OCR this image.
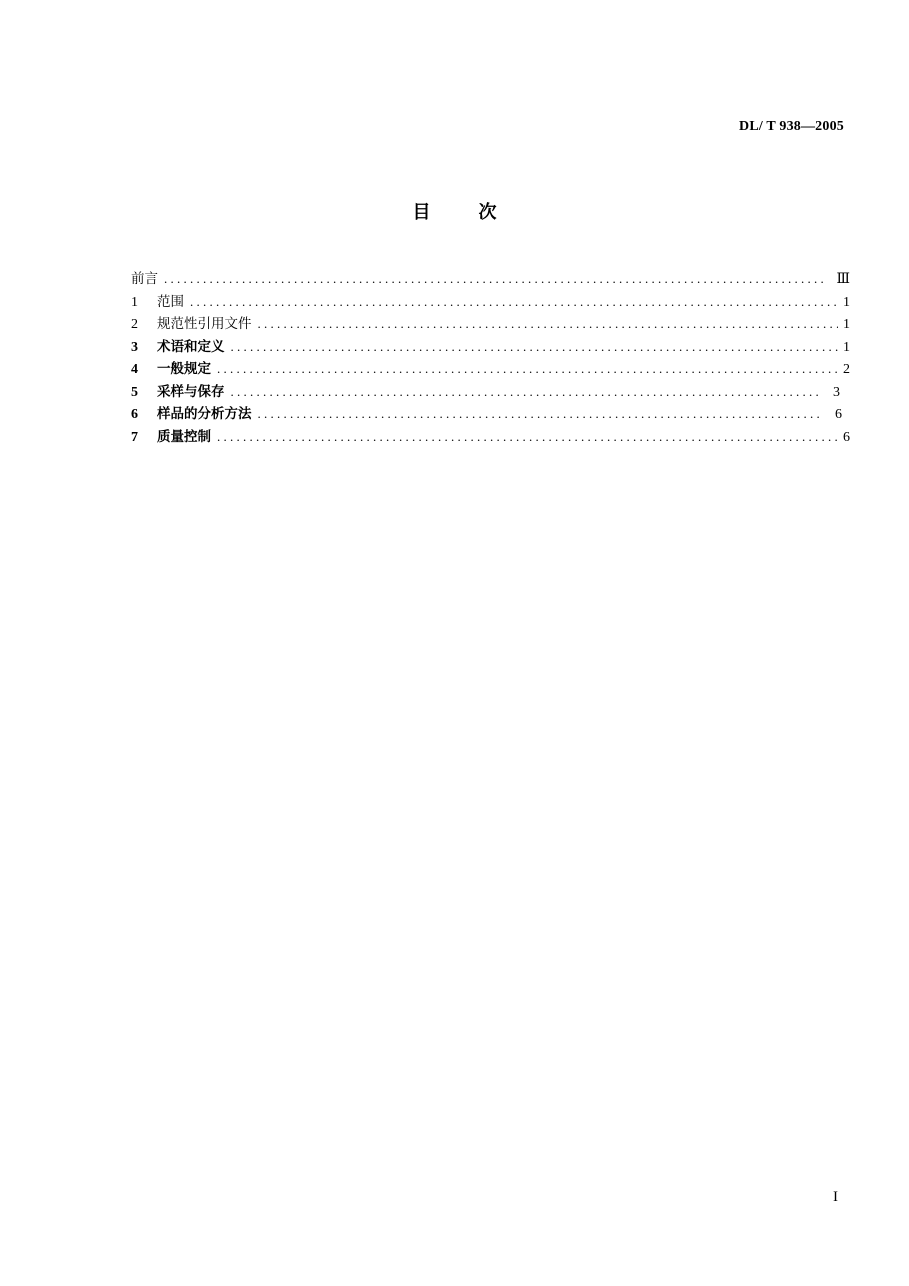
DL/ T 938—2005
目	次
前言 . . .	Ⅲ
1	范围 . . .	1
2	规范性引用文件 . . .	1
3	术语和定义 . . .	1
4	一般规定 . . .	2
5	采样与保存 . . .	3
6	样品的分析方法 . . .	6
7	质量控制 . . .	6
I
